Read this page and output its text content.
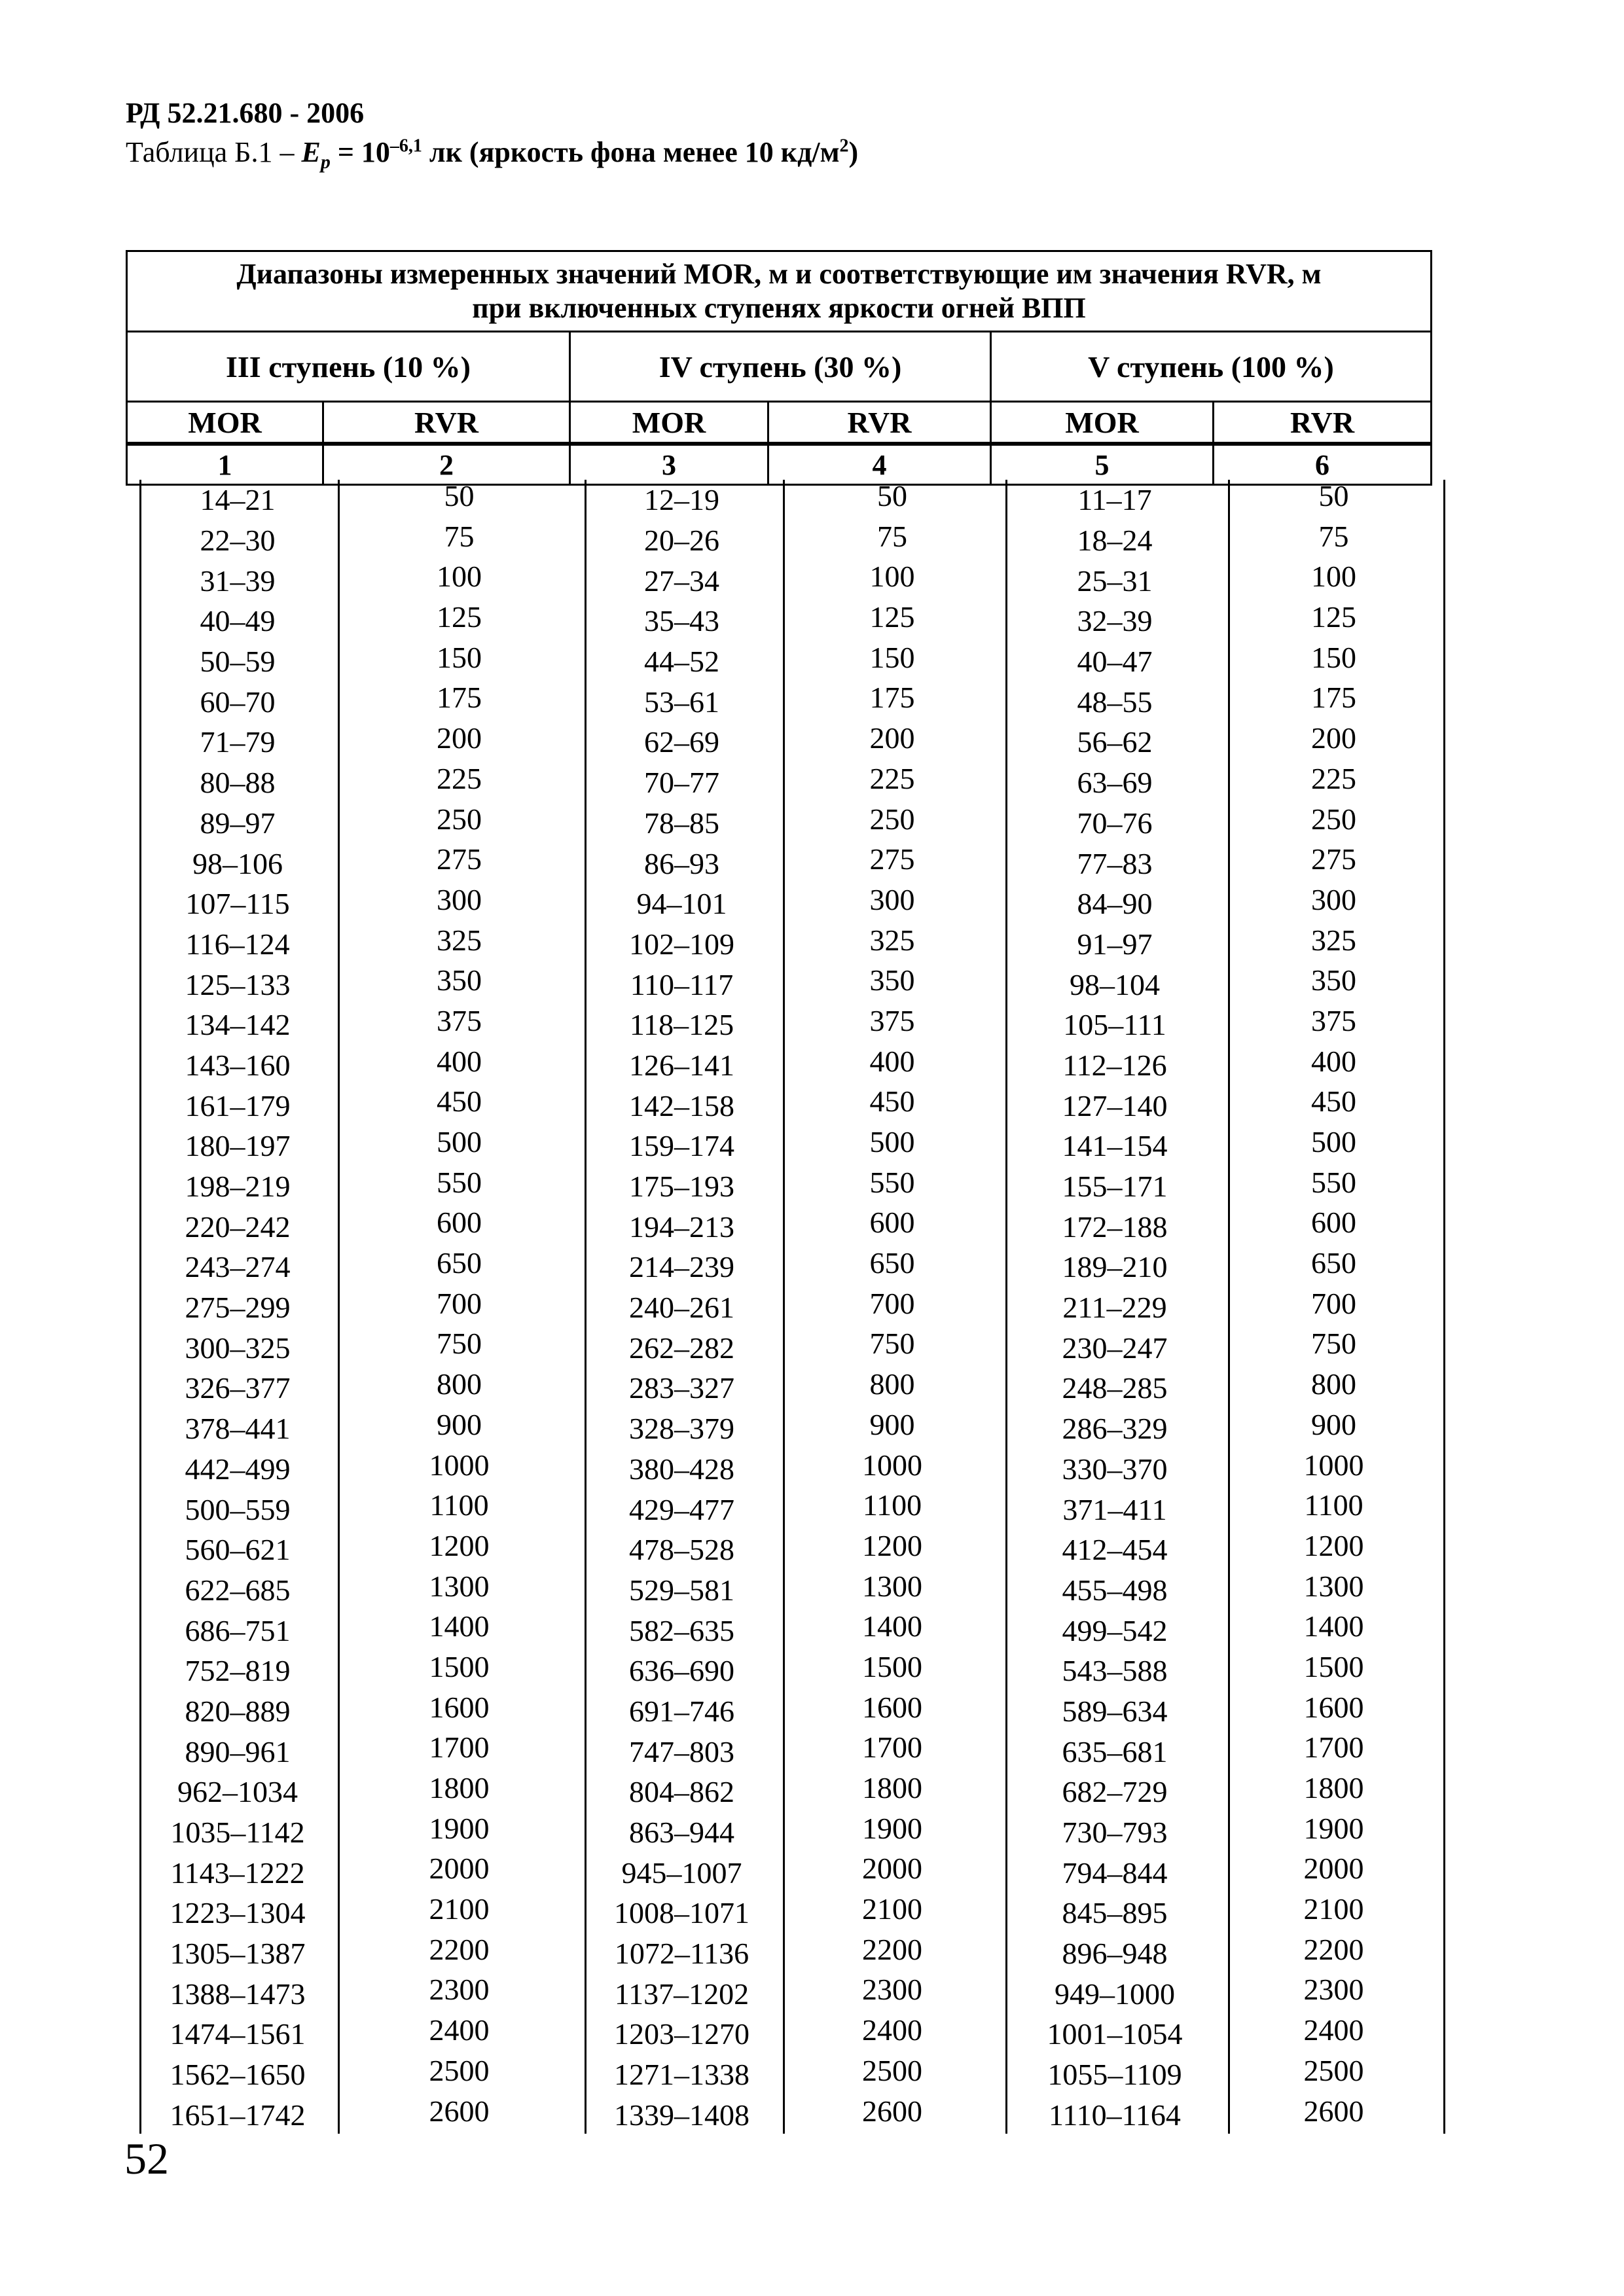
РД 52.21.680 - 2006
Таблица $Б.1 - E_p = 10^{-6,1}$ лк (яркость фона менее 10 $кд/м^2$)
Диапазоны измеренных значений MOR, м и соответствующие им значения RVR, м
при включенных ступенях яркости огней ВПП					

III ступень (10 %)		IV ступень (30 %)		V ступень (100 %)	
MOR	RVR	MOR	RVR	MOR	RVR
1	2	3	4	5	6
14–21	50	12–19	50	11–17	50
22–30	75	20–26	75	18–24	75
31–39	100	27–34	100	25–31	100
40–49	125	35–43	125	32–39	125
50–59	150	44–52	150	40–47	150
60–70	175	53–61	175	48–55	175
71–79	200	62–69	200	56–62	200
80–88	225	70–77	225	63–69	225
89–97	250	78–85	250	70–76	250
98–106	275	86–93	275	77–83	275
107–115	300	94–101	300	84–90	300
116–124	325	102–109	325	91–97	325
125–133	350	110–117	350	98–104	350
134–142	375	118–125	375	105–111	375
143–160	400	126–141	400	112–126	400
161–179	450	142–158	450	127–140	450
180–197	500	159–174	500	141–154	500
198–219	550	175–193	550	155–171	550
220–242	600	194–213	600	172–188	600
243–274	650	214–239	650	189–210	650
275–299	700	240–261	700	211–229	700
300–325	750	262–282	750	230–247	750
326–377	800	283–327	800	248–285	800
378–441	900	328–379	900	286–329	900
442–499	1000	380–428	1000	330–370	1000
500–559	1100	429–477	1100	371–411	1100
560–621	1200	478–528	1200	412–454	1200
622–685	1300	529–581	1300	455–498	1300
686–751	1400	582–635	1400	499–542	1400
752–819	1500	636–690	1500	543–588	1500
820–889	1600	691–746	1600	589–634	1600
890–961	1700	747–803	1700	635–681	1700
962–1034	1800	804–862	1800	682–729	1800
1035–1142	1900	863–944	1900	730–793	1900
1143–1222	2000	945–1007	2000	794–844	2000
1223–1304	2100	1008–1071	2100	845–895	2100
1305–1387	2200	1072–1136	2200	896–948	2200
1388–1473	2300	1137–1202	2300	949–1000	2300
1474–1561	2400	1203–1270	2400	1001–1054	2400
1562–1650	2500	1271–1338	2500	1055–1109	2500
1651–1742	2600	1339–1408	2600	1110–1164	2600
52
